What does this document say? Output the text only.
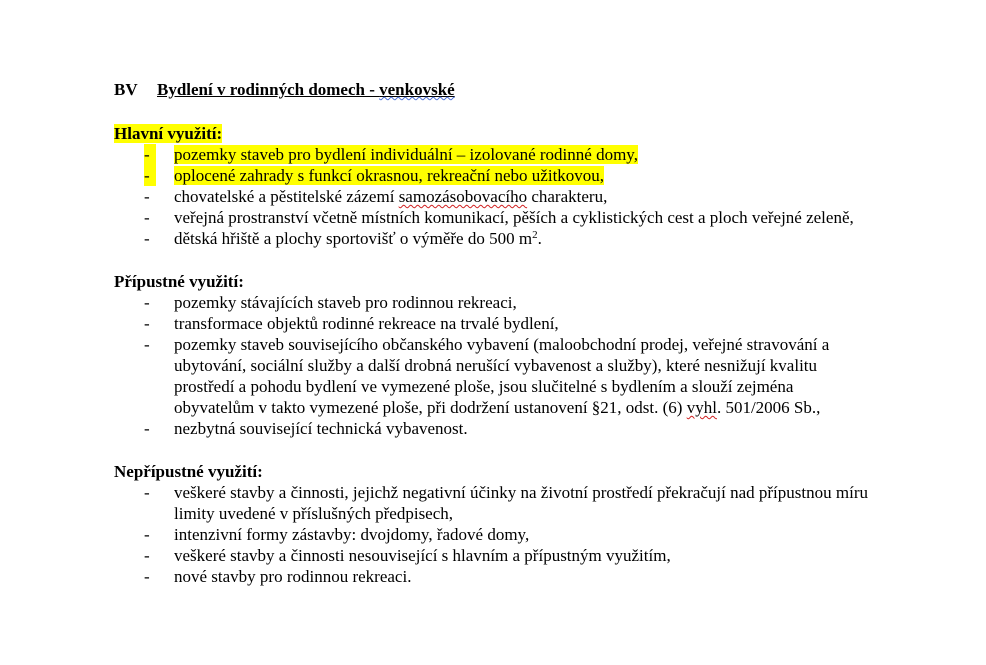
BV Bydlení v rodinných domech - venkovské
Hlavní využití:
-	pozemky staveb pro bydlení individuální – izolované rodinné domy,
-	oplocené zahrady s funkcí okrasnou, rekreační nebo užitkovou,
-	chovatelské a pěstitelské zázemí samozásobovacího charakteru,
-	veřejná prostranství včetně místních komunikací, pěších a cyklistických cest a ploch veřejné zeleně,
-	dětská hřiště a plochy sportovišť o výměře do 500 $m^2$.
Přípustné využití:
-	pozemky stávajících staveb pro rodinnou rekreaci,
-	transformace objektů rodinné rekreace na trvalé bydlení,
-	pozemky staveb souvisejícího občanského vybavení (maloobchodní prodej, veřejné stravování a ubytování, sociální služby a další drobná nerušící vybavenost a služby), které nesnižují kvalitu prostředí a pohodu bydlení ve vymezené ploše, jsou slučitelné s bydlením a slouží zejména obyvatelům v takto vymezené ploše, při dodržení ustanovení §21, odst. (6) vyhl. 501/2006 Sb.,
-	nezbytná související technická vybavenost.
Nepřípustné využití:
-	veškeré stavby a činnosti, jejichž negativní účinky na životní prostředí překračují nad přípustnou míru limity uvedené v příslušných předpisech,
-	intenzivní formy zástavby: dvojdomy, řadové domy,
-	veškeré stavby a činnosti nesouvisející s hlavním a přípustným využitím,
-	nové stavby pro rodinnou rekreaci.
